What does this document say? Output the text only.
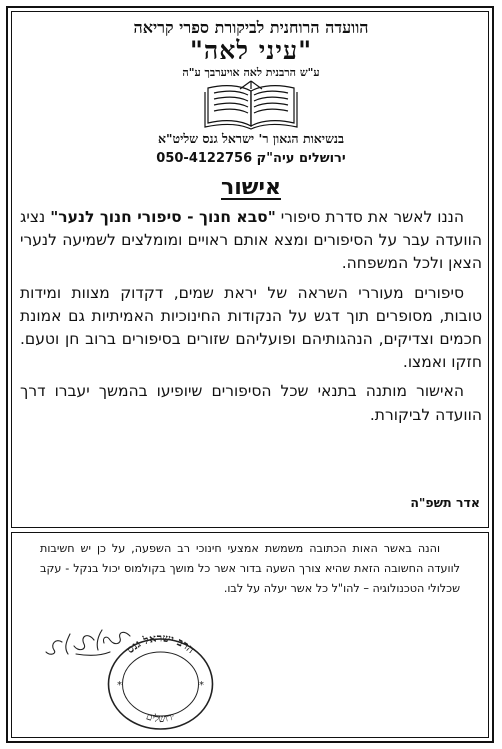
הוועדה הרוחנית לביקורת ספרי קריאה
"עיני לאה"
ע"ש הרבנית לאה אויערבך ע"ה
בנשיאות הגאון ר' ישראל גנס שליט"א
ירושלים עיה"ק 050-4122756
אישור

הננו לאשר את סדרת סיפורי "סבא חנוך - סיפורי חנוך לנער" נציג הוועדה עבר על הסיפורים ומצא אותם ראויים ומומלצים לשמיעה לנערי הצאן ולכל המשפחה.

סיפורים מעוררי השראה של יראת שמים, דקדוק מצוות ומידות טובות, מסופרים תוך דגש על הנקודות החינוכיות האמיתיות גם אמונת חכמים וצדיקים, הנהגותיהם ופועליהם שזורים בסיפורים ברוב חן וטעם. חזקו ואמצו.

האישור מותנה בתנאי שכל הסיפורים שיופיעו בהמשך יעברו דרך הוועדה לביקורת.

אדר תשפ"ה

והנה באשר האות הכתובה משמשת אמצעי חינוכי רב השפעה, על כן יש חשיבות לוועדה החשובה הזאת שהיא צורך השעה בדור אשר כל מושך בקולמוס יכול בנקל - עקב שכלולי הטכנולוגיה – להו"ל כל אשר יעלה על לבו.

הרב ישראל גנס
ירושלים
*	*
